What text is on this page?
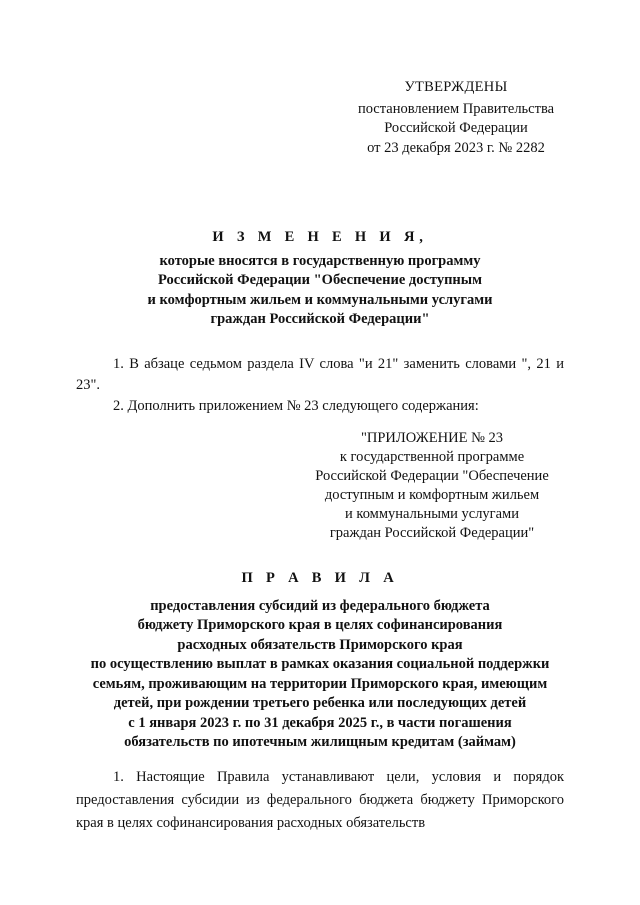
УТВЕРЖДЕНЫ
постановлением Правительства
Российской Федерации
от 23 декабря 2023 г. № 2282
И З М Е Н Е Н И Я,
которые вносятся в государственную программу
Российской Федерации "Обеспечение доступным
и комфортным жильем и коммунальными услугами
граждан Российской Федерации"

1. В абзаце седьмом раздела IV слова "и 21" заменить словами ", 21 и 23".

2. Дополнить приложением № 23 следующего содержания:

"ПРИЛОЖЕНИЕ № 23
к государственной программе
Российской Федерации "Обеспечение
доступным и комфортным жильем
и коммунальными услугами
граждан Российской Федерации"
П Р А В И Л А
предоставления субсидий из федерального бюджета
бюджету Приморского края в целях софинансирования
расходных обязательств Приморского края
по осуществлению выплат в рамках оказания социальной поддержки
семьям, проживающим на территории Приморского края, имеющим
детей, при рождении третьего ребенка или последующих детей
с 1 января 2023 г. по 31 декабря 2025 г., в части погашения
обязательств по ипотечным жилищным кредитам (займам)

1. Настоящие Правила устанавливают цели, условия и порядок предоставления субсидии из федерального бюджета бюджету Приморского края в целях софинансирования расходных обязательств
